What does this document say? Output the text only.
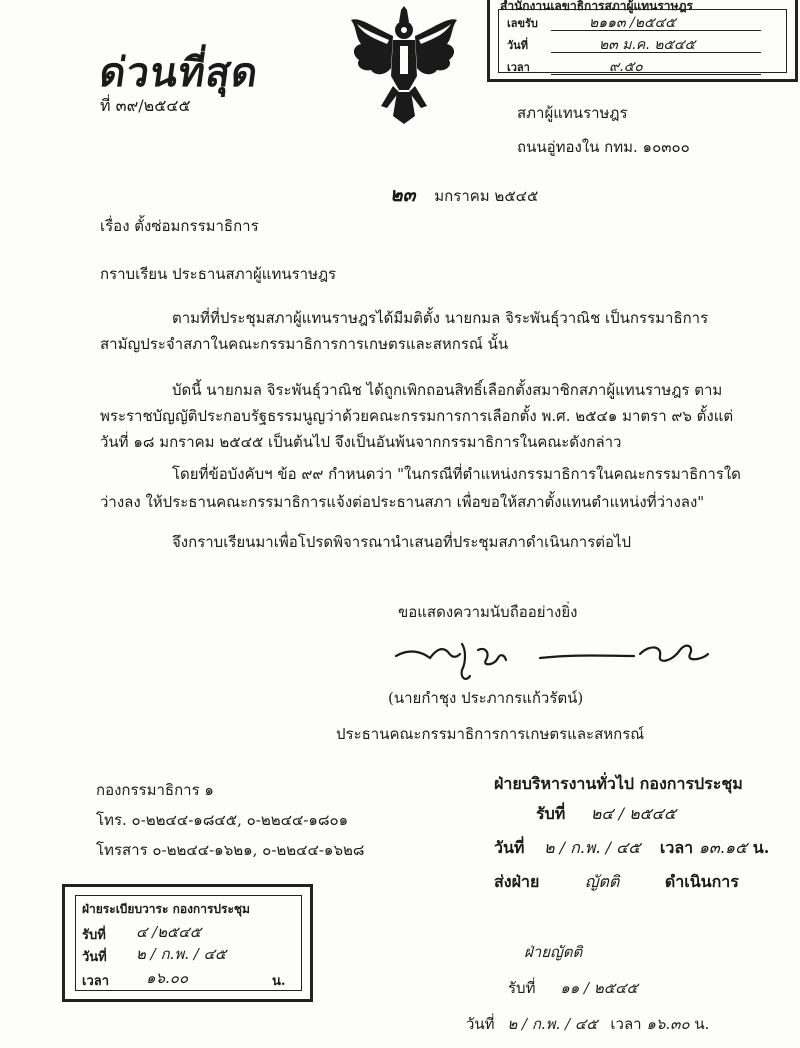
ด่วนที่สุด
ที่ ๓๙/๒๕๔๕
สำนักงานเลขาธิการสภาผู้แทนราษฎร
เลขรับ	๒๑๑๓ /๒๕๔๕
วันที่	๒๓ ม.ค. ๒๕๔๕
เวลา	๙.๕๐
สภาผู้แทนราษฎร
ถนนอู่ทองใน กทม. ๑๐๓๐๐
๒๓ มกราคม ๒๕๔๕
เรื่อง ตั้งซ่อมกรรมาธิการ
กราบเรียน ประธานสภาผู้แทนราษฎร
ตามที่ที่ประชุมสภาผู้แทนราษฎรได้มีมติตั้ง นายกมล จิระพันธุ์วาณิช เป็นกรรมาธิการ
สามัญประจำสภาในคณะกรรมาธิการการเกษตรและสหกรณ์ นั้น
บัดนี้ นายกมล จิระพันธุ์วาณิช ได้ถูกเพิกถอนสิทธิ์เลือกตั้งสมาชิกสภาผู้แทนราษฎร ตาม
พระราชบัญญัติประกอบรัฐธรรมนูญว่าด้วยคณะกรรมการการเลือกตั้ง พ.ศ. ๒๕๔๑ มาตรา ๙๖ ตั้งแต่
วันที่ ๑๘ มกราคม ๒๕๔๕ เป็นต้นไป จึงเป็นอันพ้นจากกรรมาธิการในคณะดังกล่าว
โดยที่ข้อบังคับฯ ข้อ ๙๙ กำหนดว่า "ในกรณีที่ตำแหน่งกรรมาธิการในคณะกรรมาธิการใด
ว่างลง ให้ประธานคณะกรรมาธิการแจ้งต่อประธานสภา เพื่อขอให้สภาตั้งแทนตำแหน่งที่ว่างลง"
จึงกราบเรียนมาเพื่อโปรดพิจารณานำเสนอที่ประชุมสภาดำเนินการต่อไป
ขอแสดงความนับถืออย่างยิ่ง
(นายกำชุง ประภากรแก้วรัตน์)
ประธานคณะกรรมาธิการการเกษตรและสหกรณ์
กองกรรมาธิการ ๑
โทร. ๐-๒๒๔๔-๑๘๔๕, ๐-๒๒๔๔-๑๘๐๑
โทรสาร ๐-๒๒๔๔-๑๖๒๑, ๐-๒๒๔๔-๑๖๒๘
ฝ่ายระเบียบวาระ กองการประชุม
รับที่ ๔ /๒๕๔๕
วันที่ ๒ / ก.พ. / ๔๕
เวลา ๑๖.๐๐	น.
ฝ่ายบริหารงานทั่วไป กองการประชุม
รับที่ ๒๔ / ๒๕๔๕
วันที่ ๒ / ก.พ. / ๔๕ เวลา ๑๓.๑๕ น.
ส่งฝ่าย	ญัตติ	ดำเนินการ
ฝ่ายญัตติ
รับที่ ๑๑ / ๒๕๔๕
วันที่ ๒ / ก.พ. / ๔๕ เวลา ๑๖.๓๐ น.
